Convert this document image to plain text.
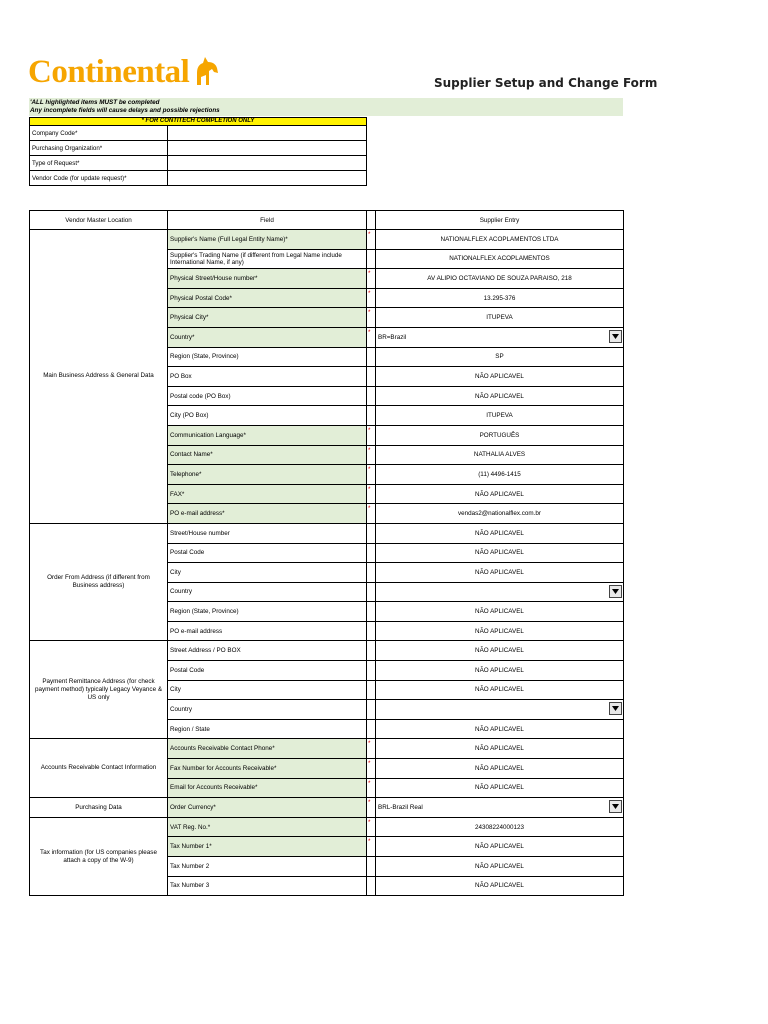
Continental	Supplier Setup and Change Form
'ALL highlighted items MUST be completed
Any incomplete fields will cause delays and possible rejections
* FOR CONTITECH COMPLETION ONLY	
Company Code*	
Purchasing Organization*	
Type of Request*	
Vendor Code (for update request)*	
Vendor Master Location	Field		Supplier Entry
Main Business Address & General Data	Supplier's Name (Full Legal Entity Name)*	*	NATIONALFLEX ACOPLAMENTOS LTDA
	Supplier's Trading Name (if different from Legal Name include International Name, if any)		NATIONALFLEX ACOPLAMENTOS
	Physical Street/House number*	*	AV ALIPIO OCTAVIANO DE SOUZA PARAISO, 218
	Physical Postal Code*	*	13.295-376
	Physical City*	*	ITUPEVA
	Country*	*	BR=Brazil

	Region (State, Province)		SP
	PO Box		NÃO APLICAVEL
	Postal code (PO Box)		NÃO APLICAVEL
	City (PO Box)		ITUPEVA
	Communication Language*	*	PORTUGUÊS
	Contact Name*	*	NATHALIA ALVES
	Telephone*	*	(11) 4496-1415
	FAX*	*	NÃO APLICAVEL
	PO e-mail address*	*	vendas2@nationalflex.com.br
Order From Address (if different from Business address)	Street/House number		NÃO APLICAVEL
	Postal Code		NÃO APLICAVEL
	City		NÃO APLICAVEL
	Country		

	Region (State, Province)		NÃO APLICAVEL
	PO e-mail address		NÃO APLICAVEL
Payment Remittance Address (for check payment method) typically Legacy Veyance & US only	Street Address / PO BOX		NÃO APLICAVEL
	Postal Code		NÃO APLICAVEL
	City		NÃO APLICAVEL
	Country		

	Region / State		NÃO APLICAVEL
Accounts Receivable Contact Information	Accounts Receivable Contact Phone*	*	NÃO APLICAVEL
	Fax Number for Accounts Receivable*	*	NÃO APLICAVEL
	Email for Accounts Receivable*	*	NÃO APLICAVEL
Purchasing Data	Order Currency*	*	BRL-Brazil Real

Tax information (for US companies please attach a copy of the W-9)	VAT Reg. No.*	*	24308224000123
	Tax Number 1*	*	NÃO APLICAVEL
	Tax Number 2		NÃO APLICAVEL
	Tax Number 3		NÃO APLICAVEL
